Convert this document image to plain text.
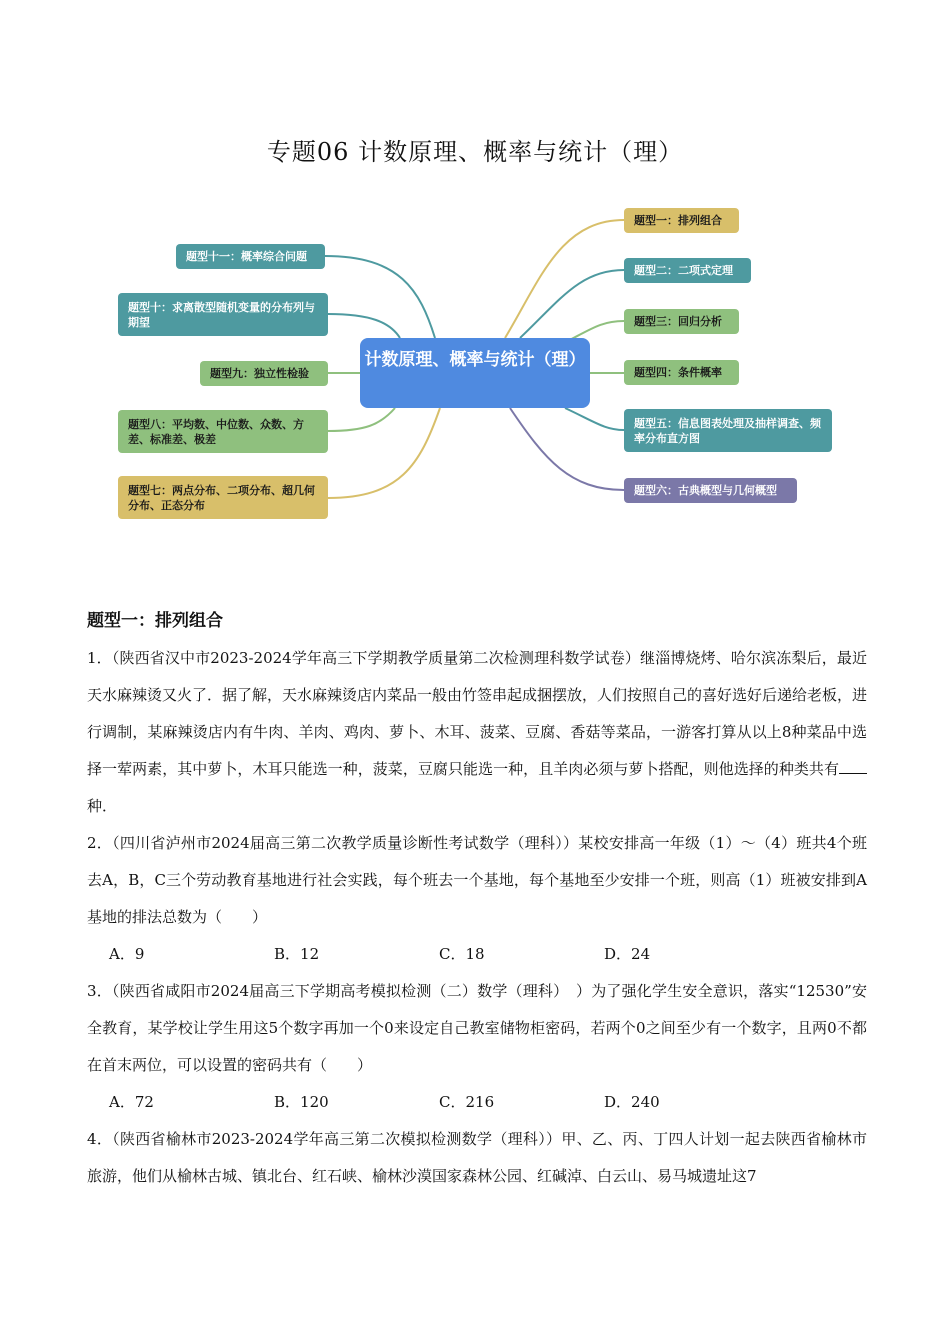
专题06 计数原理、概率与统计（理）
计数原理、概率与统计（理）
题型一：排列组合
题型二：二项式定理
题型三：回归分析
题型四：条件概率
题型五：信息图表处理及抽样调查、频率分布直方图
题型六：古典概型与几何概型
题型十一：概率综合问题
题型十：求离散型随机变量的分布列与期望
题型九：独立性检验
题型八：平均数、中位数、众数、方差、标准差、极差
题型七：两点分布、二项分布、超几何分布、正态分布
题型一：排列组合

1．（陕西省汉中市2023-2024学年高三下学期教学质量第二次检测理科数学试卷）继淄博烧烤、哈尔滨冻梨后，最近天水麻辣烫又火了．据了解，天水麻辣烫店内菜品一般由竹签串起成捆摆放，人们按照自己的喜好选好后递给老板，进行调制，某麻辣烫店内有牛肉、羊肉、鸡肉、萝卜、木耳、菠菜、豆腐、香菇等菜品，一游客打算从以上8种菜品中选择一荤两素，其中萝卜，木耳只能选一种，菠菜，豆腐只能选一种，且羊肉必须与萝卜搭配，则他选择的种类共有种．

2．（四川省泸州市2024届高三第二次教学质量诊断性考试数学（理科））某校安排高一年级（1）～（4）班共4个班去A，B，C三个劳动教育基地进行社会实践，每个班去一个基地，每个基地至少安排一个班，则高（1）班被安排到A基地的排法总数为（　　）

A．9	B．12	C．18	D．24

3．（陕西省咸阳市2024届高三下学期高考模拟检测（二）数学（理科）　）为了强化学生安全意识，落实“12530”安全教育，某学校让学生用这5个数字再加一个0来设定自己教室储物柜密码，若两个0之间至少有一个数字，且两0不都在首末两位，可以设置的密码共有（　　）

A．72	B．120	C．216	D．240

4．（陕西省榆林市2023-2024学年高三第二次模拟检测数学（理科））甲、乙、丙、丁四人计划一起去陕西省榆林市旅游，他们从榆林古城、镇北台、红石峡、榆林沙漠国家森林公园、红碱淖、白云山、易马城遗址这7
